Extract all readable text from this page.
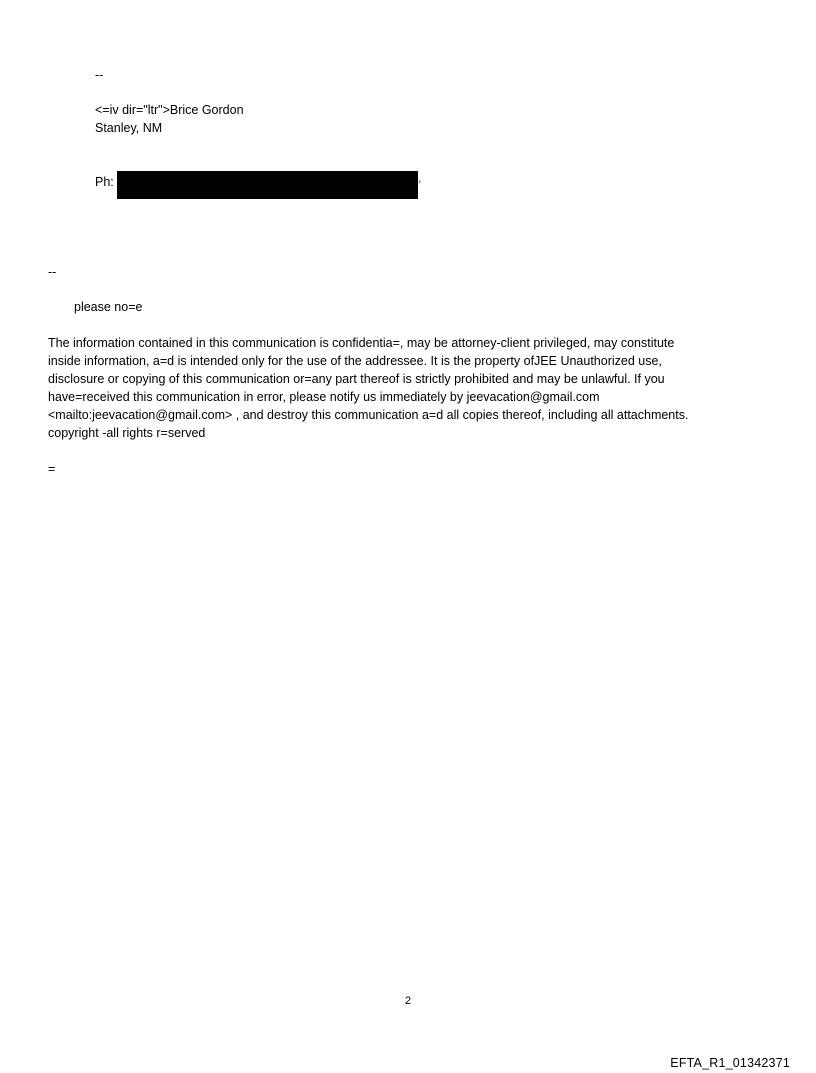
--

<=iv dir="ltr">Brice Gordon

Stanley, NM

Ph:	›

--

please no=e

The information contained in this communication is confidentia=, may be attorney-client privileged, may constitute
inside information, a=d is intended only for the use of the addressee. It is the property ofJEE Unauthorized use,
disclosure or copying of this communication or=any part thereof is strictly prohibited and may be unlawful. If you
have=received this communication in error, please notify us immediately by jeevacation@gmail.com
<mailto:jeevacation@gmail.com> , and destroy this communication a=d all copies thereof, including all attachments.
copyright -all rights r=served

=

2
EFTA_R1_01342371
